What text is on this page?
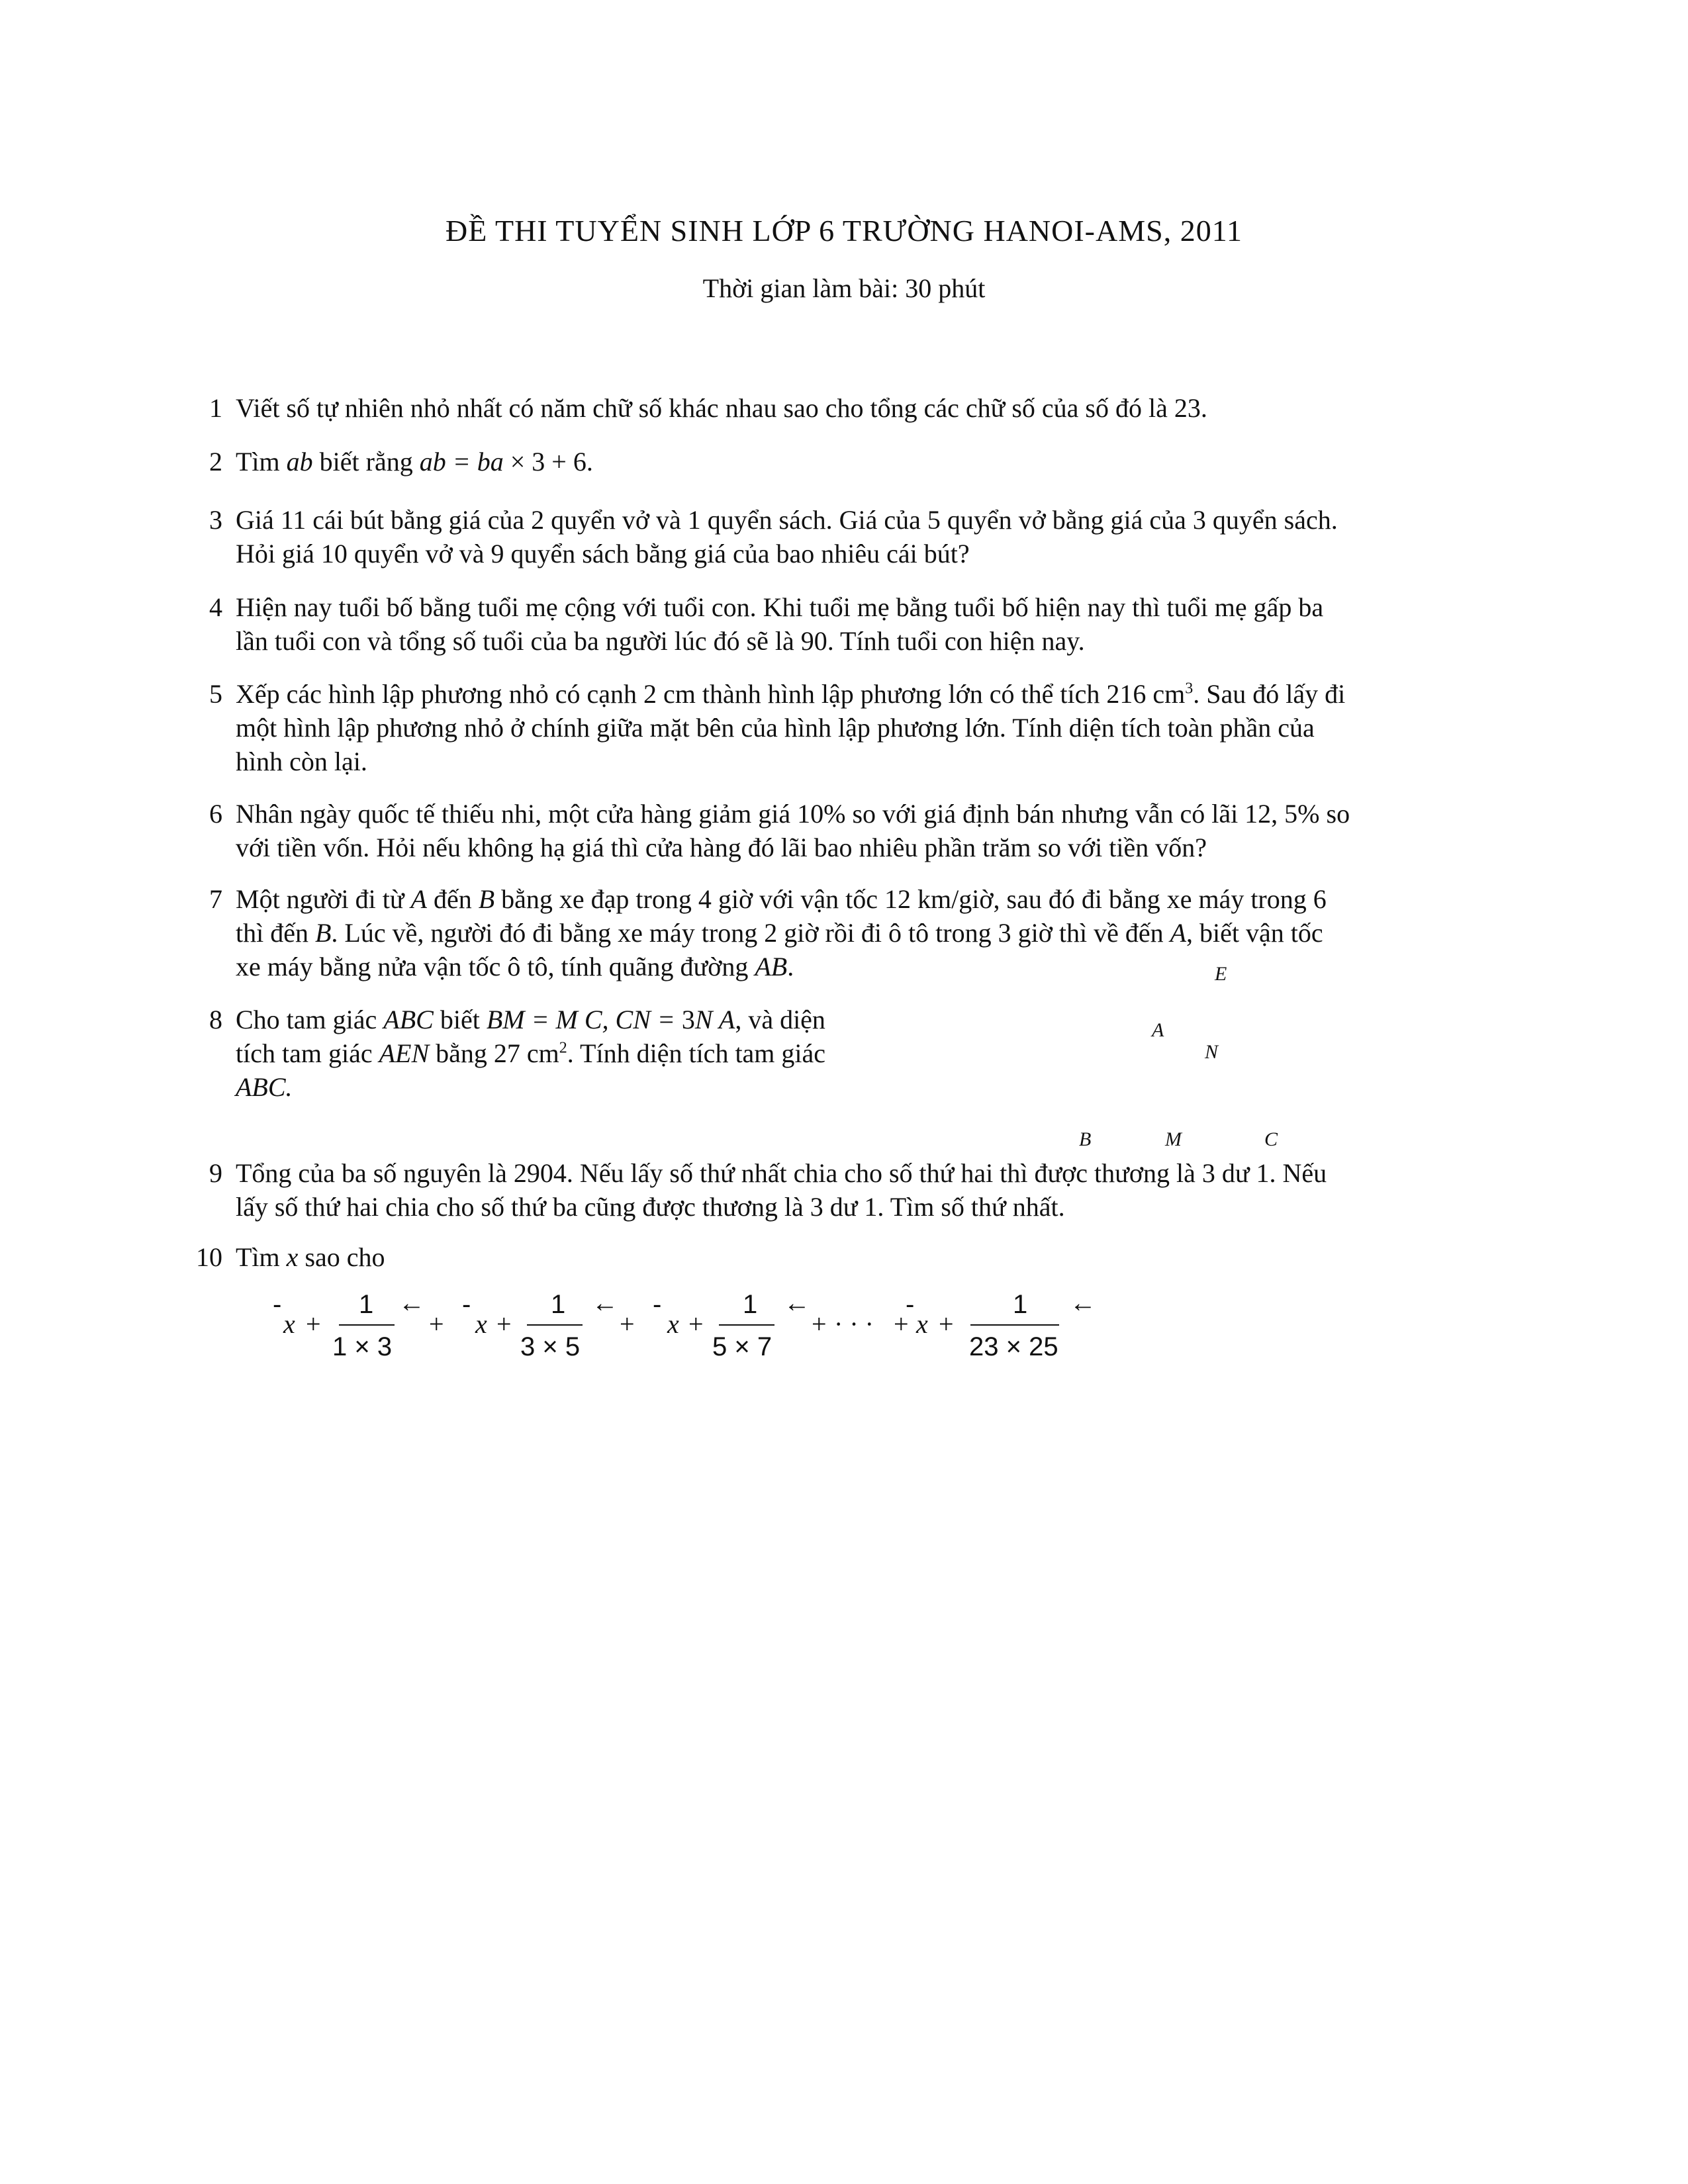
ĐỀ THI TUYỂN SINH LỚP 6 TRƯỜNG HANOI-AMS, 2011
Thời gian làm bài: 30 phút
1 Viết số tự nhiên nhỏ nhất có năm chữ số khác nhau sao cho tổng các chữ số của số đó là 23.
2 Tìm ab biết rằng ab = ba × 3 + 6.
3 Giá 11 cái bút bằng giá của 2 quyển vở và 1 quyển sách. Giá của 5 quyển vở bằng giá của 3 quyển sách.
Hỏi giá 10 quyển vở và 9 quyển sách bằng giá của bao nhiêu cái bút?
4 Hiện nay tuổi bố bằng tuổi mẹ cộng với tuổi con. Khi tuổi mẹ bằng tuổi bố hiện nay thì tuổi mẹ gấp ba
lần tuổi con và tổng số tuổi của ba người lúc đó sẽ là 90. Tính tuổi con hiện nay.
5 Xếp các hình lập phương nhỏ có cạnh 2 cm thành hình lập phương lớn có thể tích 216 $cm^3$. Sau đó lấy đi
một hình lập phương nhỏ ở chính giữa mặt bên của hình lập phương lớn. Tính diện tích toàn phần của
hình còn lại.
6 Nhân ngày quốc tế thiếu nhi, một cửa hàng giảm giá 10% so với giá định bán nhưng vẫn có lãi 12, 5% so
với tiền vốn. Hỏi nếu không hạ giá thì cửa hàng đó lãi bao nhiêu phần trăm so với tiền vốn?
7 Một người đi từ A đến B bằng xe đạp trong 4 giờ với vận tốc 12 km/giờ, sau đó đi bằng xe máy trong 6
thì đến B. Lúc về, người đó đi bằng xe máy trong 2 giờ rồi đi ô tô trong 3 giờ thì về đến A, biết vận tốc
xe máy bằng nửa vận tốc ô tô, tính quãng đường AB.
8 Cho tam giác ABC biết BM = M C, CN = 3N A, và diện
tích tam giác AEN bằng 27 $cm^2$. Tính diện tích tam giác
ABC.
E
A
N
B	M	C
9 Tổng của ba số nguyên là 2904. Nếu lấy số thứ nhất chia cho số thứ hai thì được thương là 3 dư 1. Nếu
lấy số thứ hai chia cho số thứ ba cũng được thương là 3 dư 1. Tìm số thứ nhất.
10 Tìm x sao cho
-
x +
1
1 × 3
←
+
-
x +
1
3 × 5
←
+
-
x +
1
5 × 7
←
+ · · · +
-
x +
1
23 × 25
←
